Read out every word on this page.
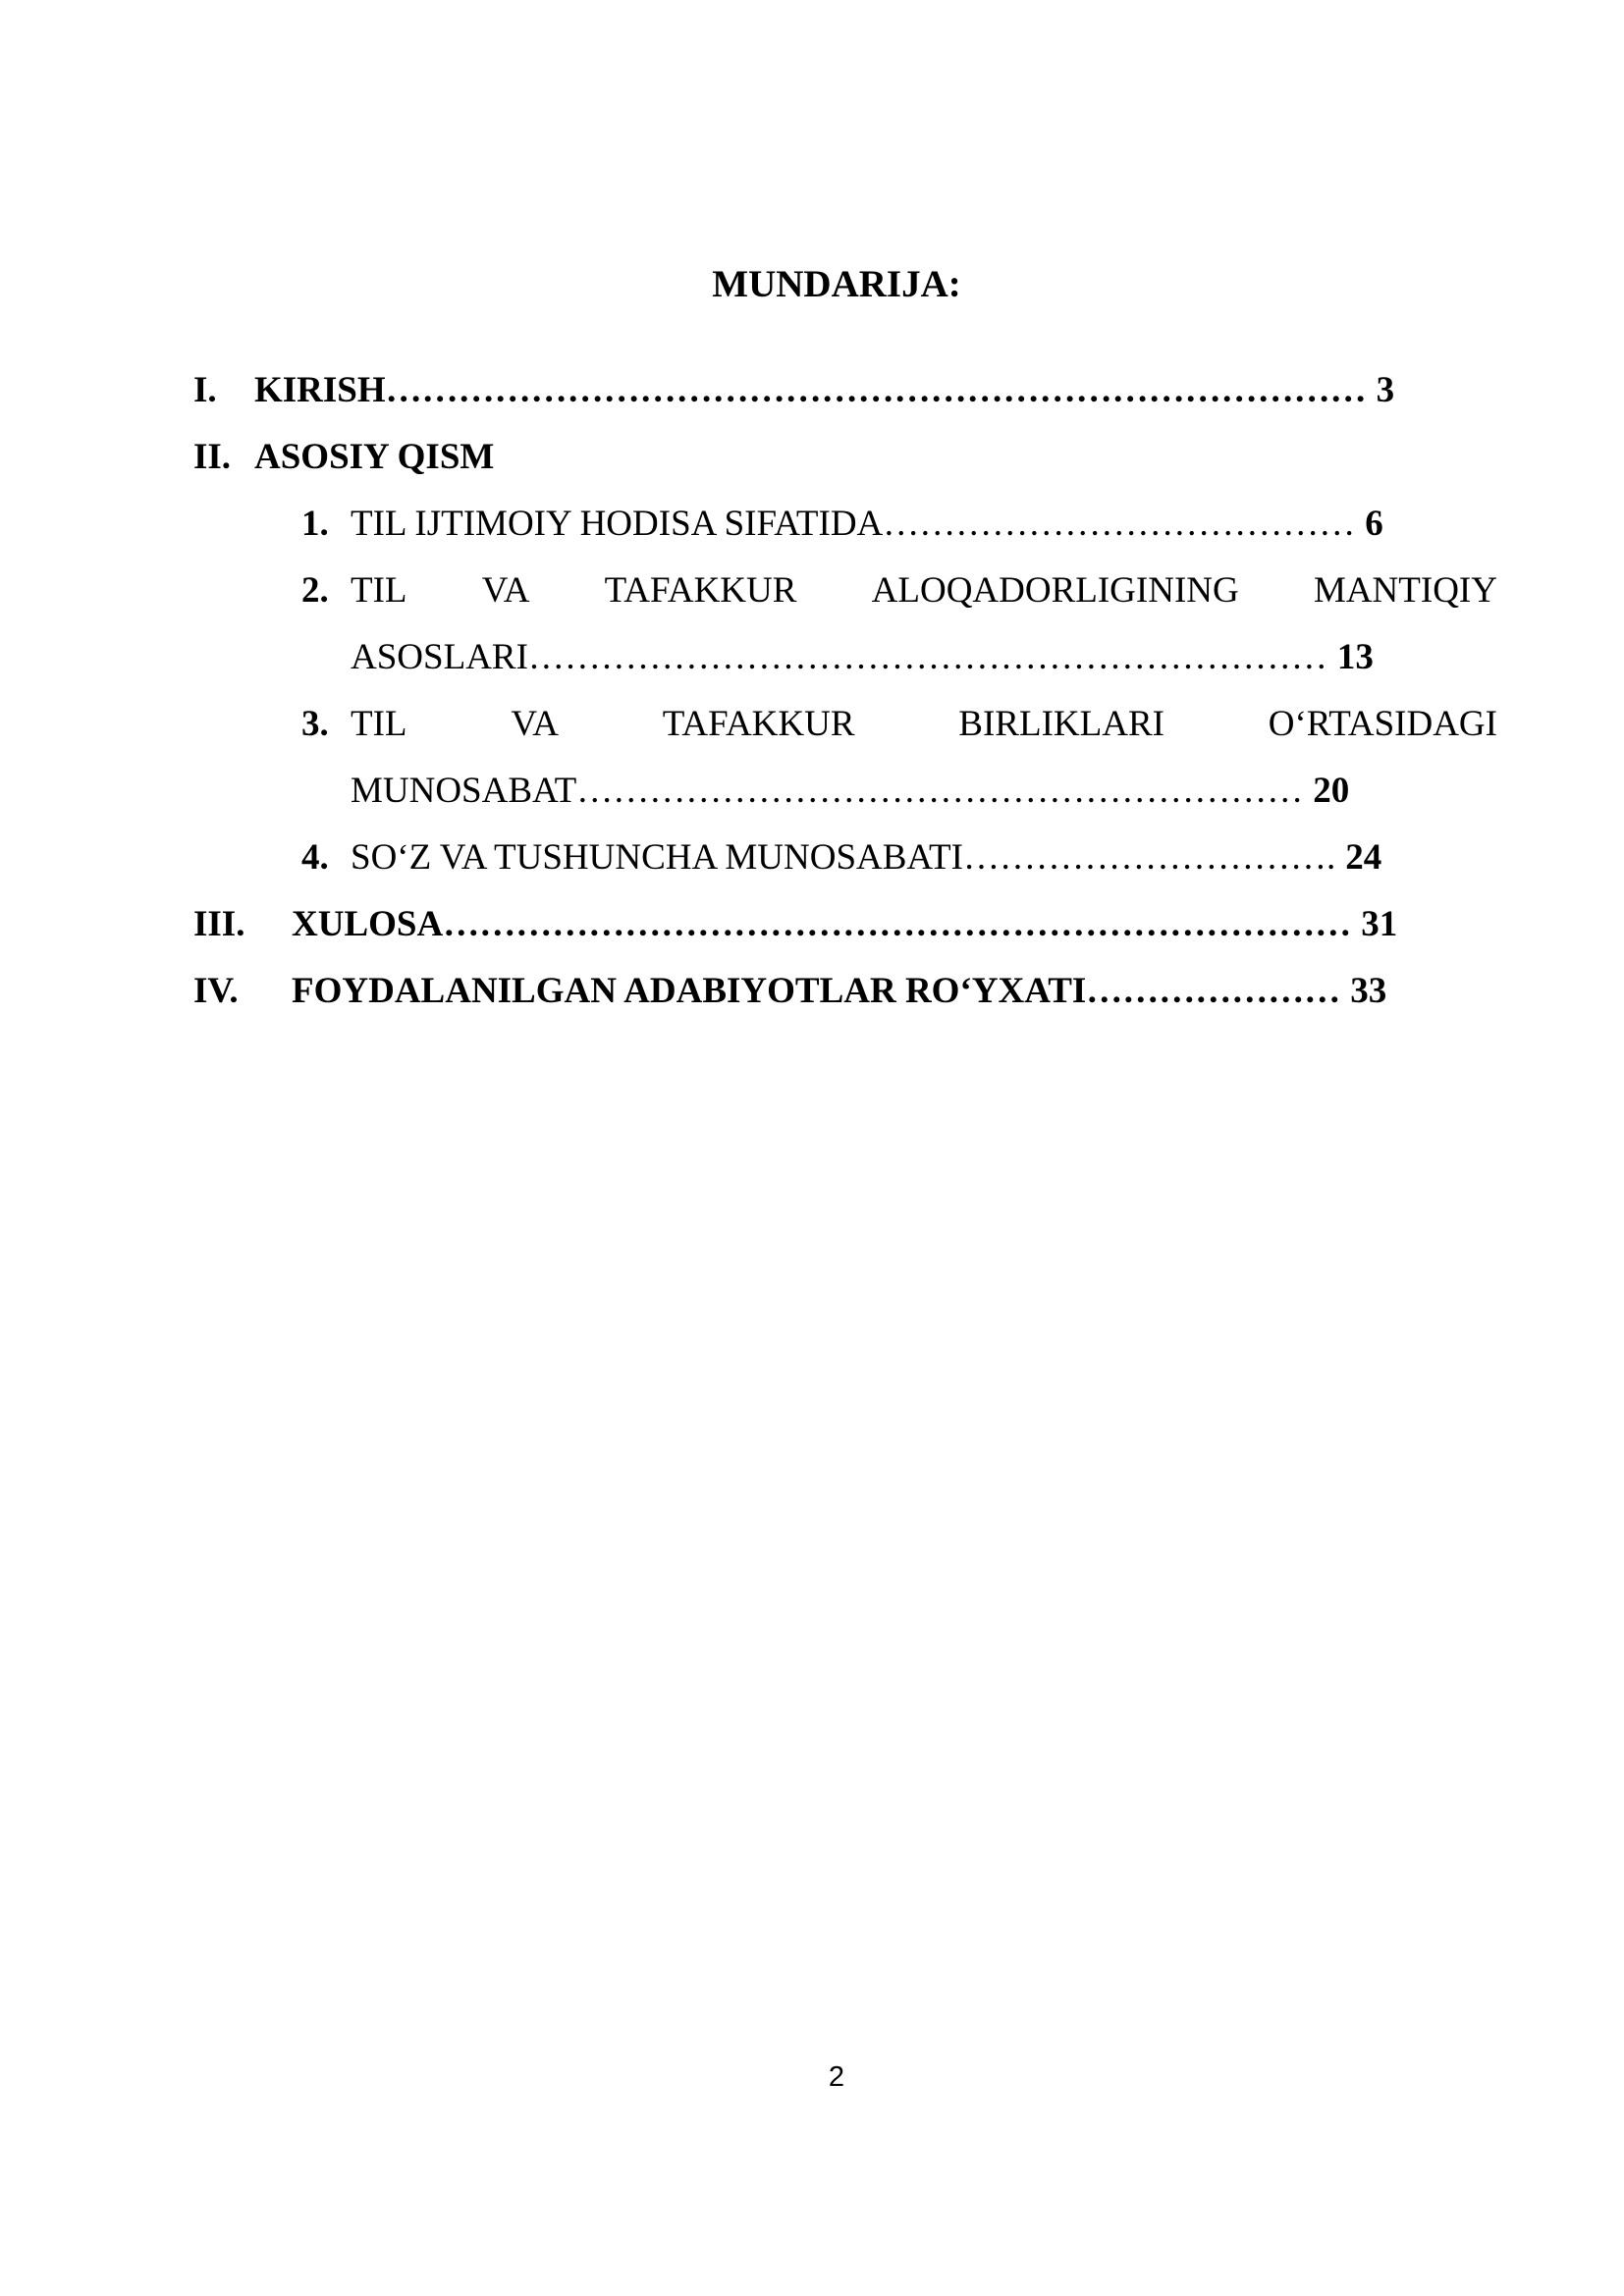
MUNDARIJA:
I. KIRISH……………………………………………………………………… 3
II. ASOSIY QISM
1. TIL IJTIMOIY HODISA SIFATIDA………………………………… 6
2. TIL VA TAFAKKUR ALOQADORLIGINING MANTIQIY
ASOSLARI………………………………………………………… 13
3. TIL	VA	TAFAKKUR	BIRLIKLARI	O‘RTASIDAGI
MUNOSABAT…………………………………………………… 20
4. SO‘Z VA TUSHUNCHA MUNOSABATI…………………………. 24
III. XULOSA………………………………………………………………… 31
IV. FOYDALANILGAN ADABIYOTLAR RO‘YXATI………………… 33
2
